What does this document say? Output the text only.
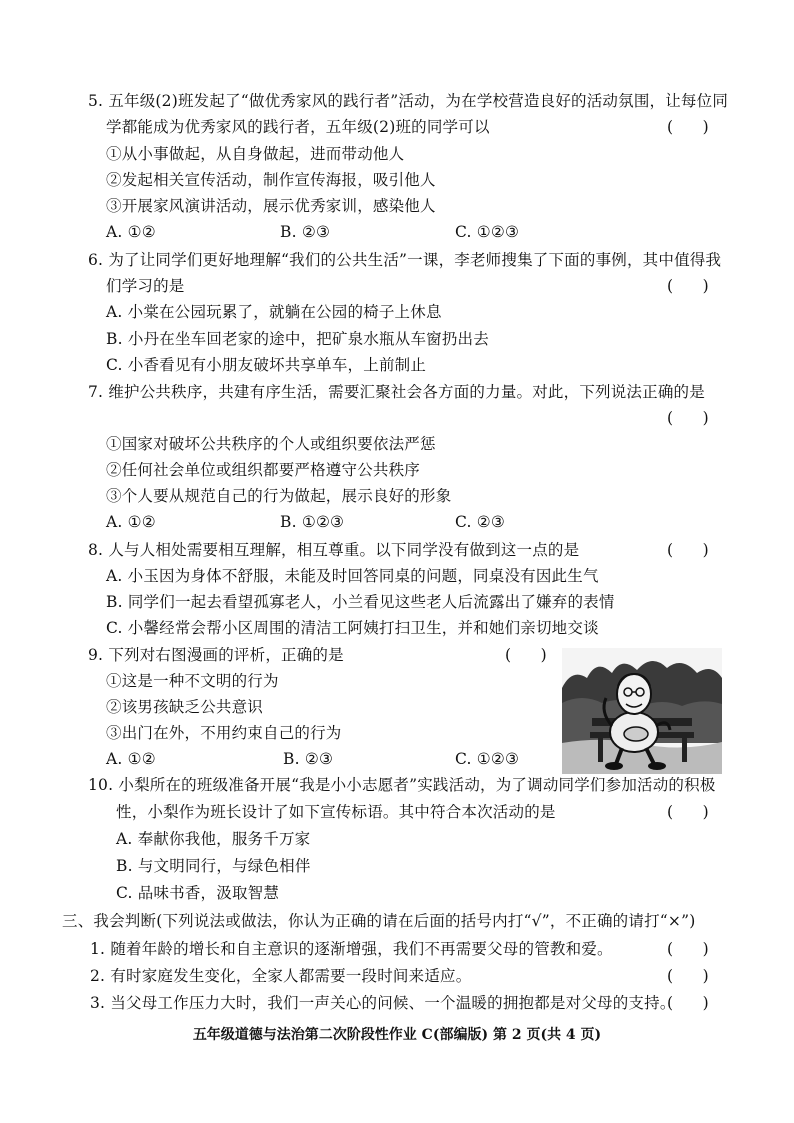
5. 五年级(2)班发起了“做优秀家风的践行者”活动，为在学校营造良好的活动氛围，让每位同
学都能成为优秀家风的践行者，五年级(2)班的同学可以	(      )
①从小事做起，从自身做起，进而带动他人
②发起相关宣传活动，制作宣传海报，吸引他人
③开展家风演讲活动，展示优秀家训，感染他人
A. ①②	B. ②③	C. ①②③
6. 为了让同学们更好地理解“我们的公共生活”一课，李老师搜集了下面的事例，其中值得我
们学习的是	(      )
A. 小棠在公园玩累了，就躺在公园的椅子上休息
B. 小丹在坐车回老家的途中，把矿泉水瓶从车窗扔出去
C. 小香看见有小朋友破坏共享单车，上前制止
7. 维护公共秩序，共建有序生活，需要汇聚社会各方面的力量。对此，下列说法正确的是
(      )
①国家对破坏公共秩序的个人或组织要依法严惩
②任何社会单位或组织都要严格遵守公共秩序
③个人要从规范自己的行为做起，展示良好的形象
A. ①②	B. ①②③	C. ②③
8. 人与人相处需要相互理解，相互尊重。以下同学没有做到这一点的是	(      )
A. 小玉因为身体不舒服，未能及时回答同桌的问题，同桌没有因此生气
B. 同学们一起去看望孤寡老人，小兰看见这些老人后流露出了嫌弃的表情
C. 小馨经常会帮小区周围的清洁工阿姨打扫卫生，并和她们亲切地交谈
9. 下列对右图漫画的评析，正确的是	(      )
①这是一种不文明的行为
②该男孩缺乏公共意识
③出门在外，不用约束自己的行为
A. ①②	B. ②③	C. ①②③
10. 小梨所在的班级准备开展“我是小小志愿者”实践活动，为了调动同学们参加活动的积极
性，小梨作为班长设计了如下宣传标语。其中符合本次活动的是	(      )
A. 奉献你我他，服务千万家
B. 与文明同行，与绿色相伴
C. 品味书香，汲取智慧
三、我会判断(下列说法或做法，你认为正确的请在后面的括号内打“√”，不正确的请打“×”)
1. 随着年龄的增长和自主意识的逐渐增强，我们不再需要父母的管教和爱。	(      )
2. 有时家庭发生变化，全家人都需要一段时间来适应。	(      )
3. 当父母工作压力大时，我们一声关心的问候、一个温暖的拥抱都是对父母的支持。
(      )
五年级道德与法治第二次阶段性作业 C(部编版) 第 2 页(共 4 页)
